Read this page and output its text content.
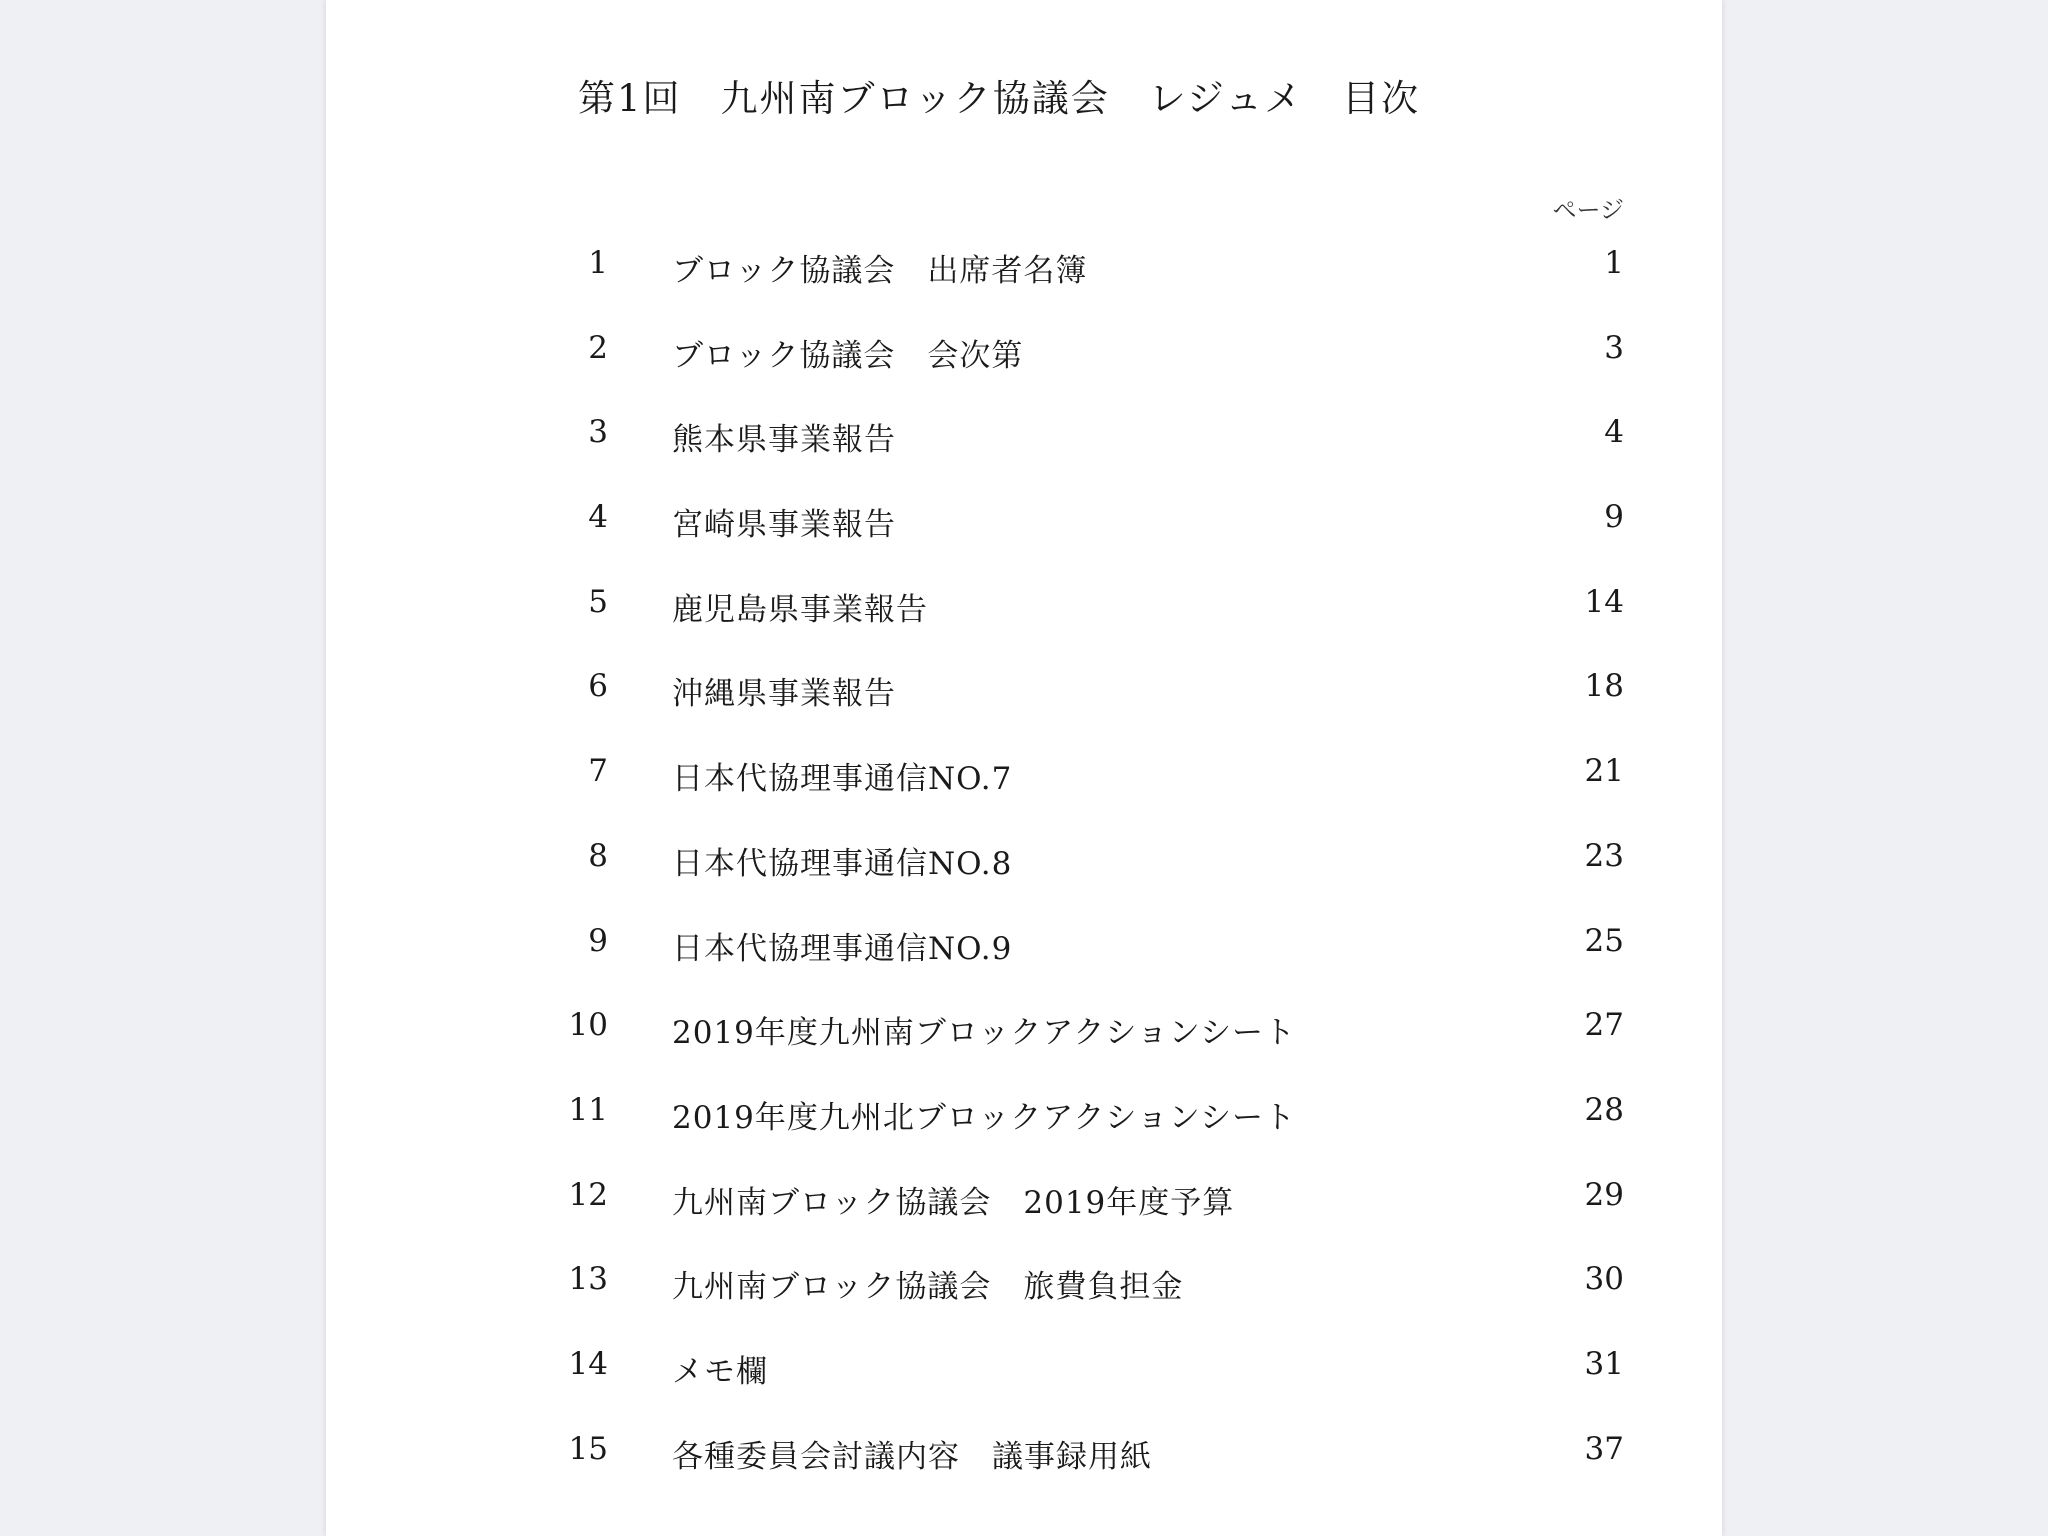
第1回　九州南ブロック協議会　レジュメ　目次
ページ
1 ブロック協議会　出席者名簿	1
2 ブロック協議会　会次第	3
3 熊本県事業報告	4
4 宮崎県事業報告	9
5 鹿児島県事業報告	14
6 沖縄県事業報告	18
7 日本代協理事通信NO.7	21
8 日本代協理事通信NO.8	23
9 日本代協理事通信NO.9	25
10 2019年度九州南ブロックアクションシート	27
11 2019年度九州北ブロックアクションシート	28
12 九州南ブロック協議会　2019年度予算	29
13 九州南ブロック協議会　旅費負担金	30
14 メモ欄	31
15 各種委員会討議内容　議事録用紙	37
